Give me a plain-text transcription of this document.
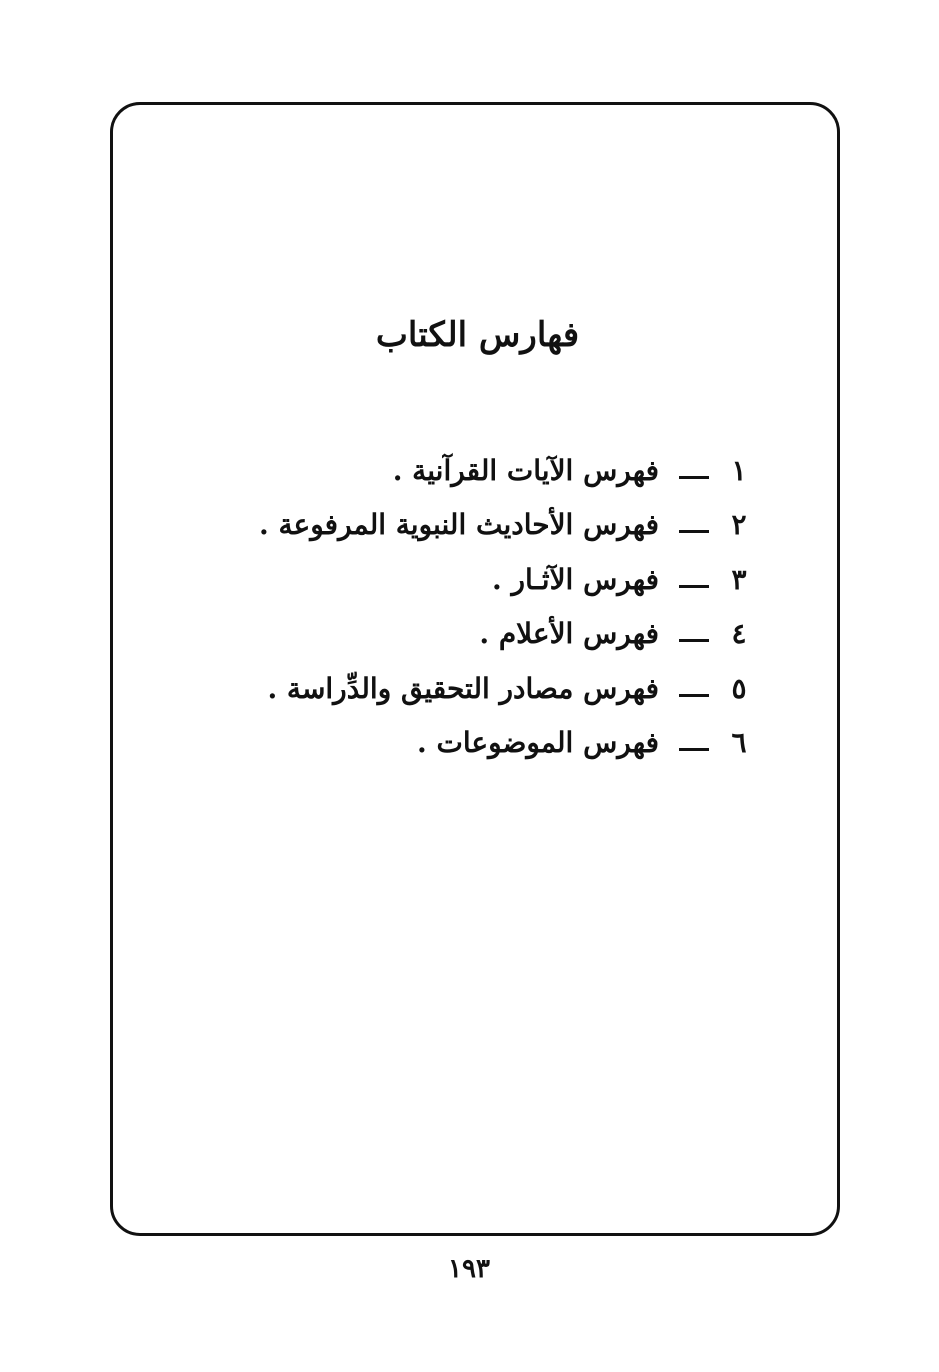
فهارس الكتاب
١
فهرس الآيات القرآنية .
٢
فهرس الأحاديث النبوية المرفوعة .
٣
فهرس الآثـار .
٤
فهرس الأعلام .
٥
فهرس مصادر التحقيق والدِّراسة .
٦
فهرس الموضوعات .

١٩٣
